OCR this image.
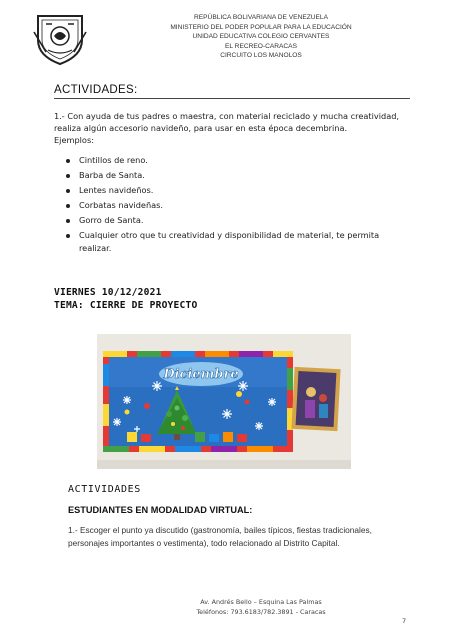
REPÚBLICA BOLIVARIANA DE VENEZUELA
MINISTERIO DEL PODER POPULAR PARA LA EDUCACIÓN
UNIDAD EDUCATIVA COLEGIO CERVANTES
EL RECREO-CARACAS
CIRCUITO LOS MANOLOS
ACTIVIDADES:

1.- Con ayuda de tus padres o maestra, con material reciclado y mucha creatividad, realiza algún accesorio navideño, para usar en esta época decembrina.

Ejemplos:

Cintillos de reno.
Barba de Santa.
Lentes navideños.
Corbatas navideñas.
Gorro de Santa.
Cualquier otro que tu creatividad y disponibilidad de material, te permita realizar.
VIERNES 10/12/2021
TEMA: CIERRE DE PROYECTO
Diciembre
ACTIVIDADES
ESTUDIANTES EN MODALIDAD VIRTUAL:
1.- Escoger el punto ya discutido (gastronomía, bailes típicos, fiestas tradicionales, personajes importantes o vestimenta), todo relacionado al Distrito Capital.
Av. Andrés Bello – Esquina Las Palmas
Teléfonos: 793.6183/782.3891 - Caracas
7
